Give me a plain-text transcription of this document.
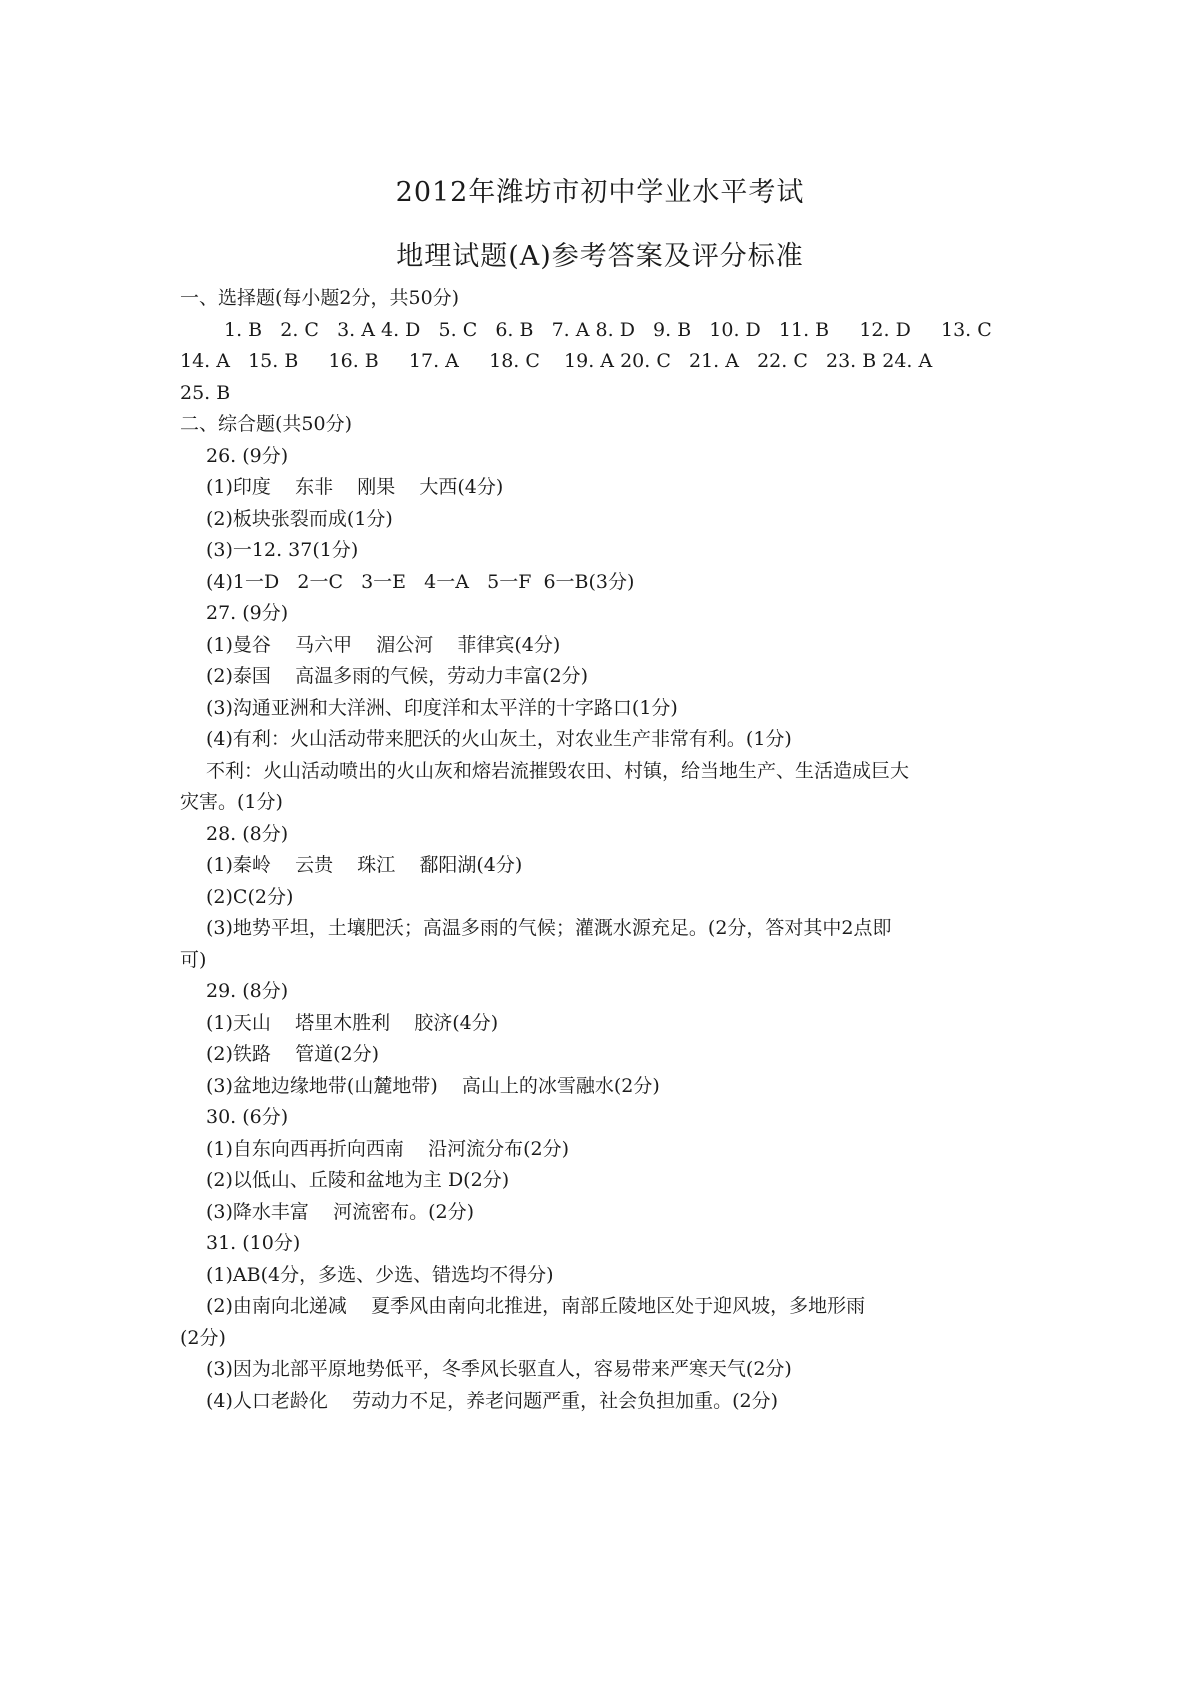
2012年潍坊市初中学业水平考试
地理试题(A)参考答案及评分标准
一、选择题(每小题2分，共50分)
1. B   2. C   3. A 4. D   5. C   6. B   7. A 8. D   9. B   10. D   11. B     12. D     13. C
14. A   15. B     16. B     17. A     18. C    19. A 20. C   21. A   22. C   23. B 24. A
25. B
二、综合题(共50分)
26. (9分)
(1)印度    东非    刚果    大西(4分)
(2)板块张裂而成(1分)
(3)一12. 37(1分)
(4)1一D   2一C   3一E   4一A   5一F  6一B(3分)
27. (9分)
(1)曼谷    马六甲    湄公河    菲律宾(4分)
(2)泰国    高温多雨的气候，劳动力丰富(2分)
(3)沟通亚洲和大洋洲、印度洋和太平洋的十字路口(1分)
(4)有利：火山活动带来肥沃的火山灰土，对农业生产非常有利。(1分)
不利：火山活动喷出的火山灰和熔岩流摧毁农田、村镇，给当地生产、生活造成巨大
灾害。(1分)
28. (8分)
(1)秦岭    云贵    珠江    鄱阳湖(4分)
(2)C(2分)
(3)地势平坦，土壤肥沃；高温多雨的气候；灌溉水源充足。(2分，答对其中2点即
可)
29. (8分)
(1)天山    塔里木胜利    胶济(4分)
(2)铁路    管道(2分)
(3)盆地边缘地带(山麓地带)    高山上的冰雪融水(2分)
30. (6分)
(1)自东向西再折向西南    沿河流分布(2分)
(2)以低山、丘陵和盆地为主 D(2分)
(3)降水丰富    河流密布。(2分)
31. (10分)
(1)AB(4分，多选、少选、错选均不得分)
(2)由南向北递减    夏季风由南向北推进，南部丘陵地区处于迎风坡，多地形雨
(2分)
(3)因为北部平原地势低平，冬季风长驱直人，容易带来严寒天气(2分)
(4)人口老龄化    劳动力不足，养老问题严重，社会负担加重。(2分)
